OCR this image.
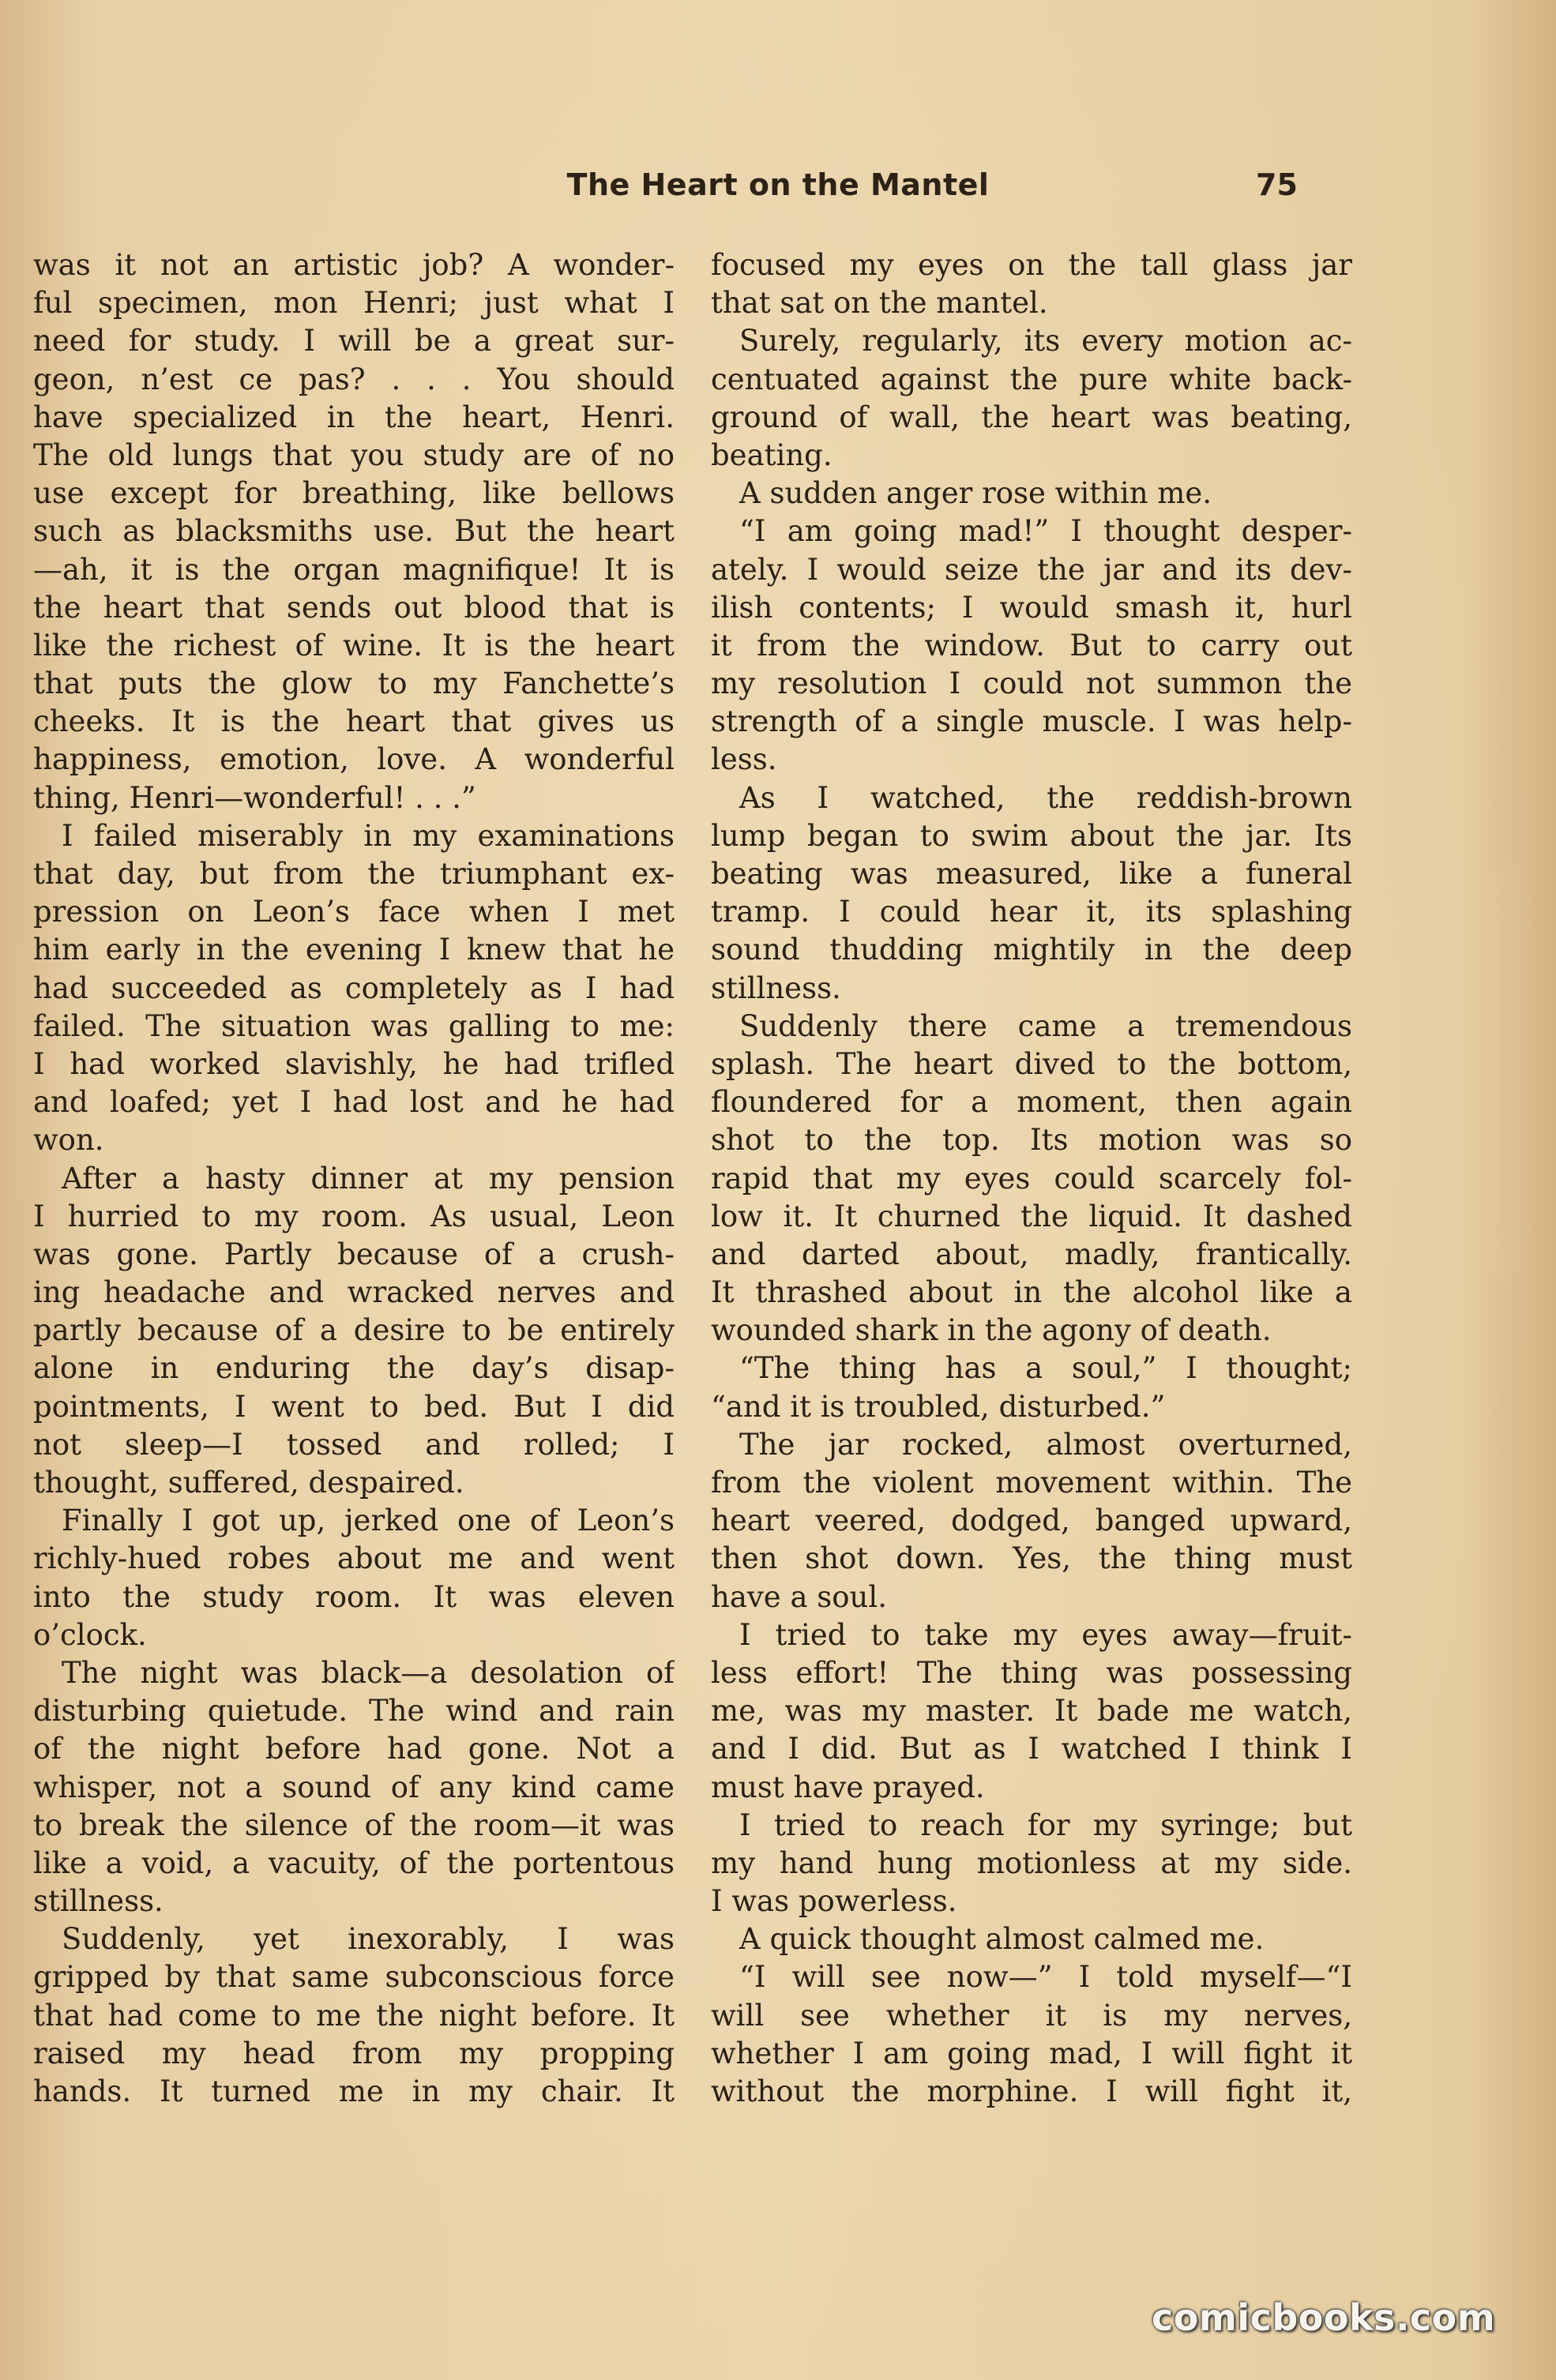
The Heart on the Mantel	75
was it not an artistic job? A wonder-
ful specimen, mon Henri; just what I
need for study. I will be a great sur-
geon, n’est ce pas? . . . You should
have specialized in the heart, Henri.
The old lungs that you study are of no
use except for breathing, like bellows
such as blacksmiths use. But the heart
—ah, it is the organ magnifique! It is
the heart that sends out blood that is
like the richest of wine. It is the heart
that puts the glow to my Fanchette’s
cheeks. It is the heart that gives us
happiness, emotion, love. A wonderful
thing, Henri—wonderful! . . .”
I failed miserably in my examinations
that day, but from the triumphant ex-
pression on Leon’s face when I met
him early in the evening I knew that he
had succeeded as completely as I had
failed. The situation was galling to me:
I had worked slavishly, he had trifled
and loafed; yet I had lost and he had
won.
After a hasty dinner at my pension
I hurried to my room. As usual, Leon
was gone. Partly because of a crush-
ing headache and wracked nerves and
partly because of a desire to be entirely
alone in enduring the day’s disap-
pointments, I went to bed. But I did
not sleep—I tossed and rolled; I
thought, suffered, despaired.
Finally I got up, jerked one of Leon’s
richly-hued robes about me and went
into the study room. It was eleven
o’clock.
The night was black—a desolation of
disturbing quietude. The wind and rain
of the night before had gone. Not a
whisper, not a sound of any kind came
to break the silence of the room—it was
like a void, a vacuity, of the portentous
stillness.
Suddenly, yet inexorably, I was
gripped by that same subconscious force
that had come to me the night before. It
raised my head from my propping
hands. It turned me in my chair. It
focused my eyes on the tall glass jar
that sat on the mantel.
Surely, regularly, its every motion ac-
centuated against the pure white back-
ground of wall, the heart was beating,
beating.
A sudden anger rose within me.
“I am going mad!” I thought desper-
ately. I would seize the jar and its dev-
ilish contents; I would smash it, hurl
it from the window. But to carry out
my resolution I could not summon the
strength of a single muscle. I was help-
less.
As I watched, the reddish-brown
lump began to swim about the jar. Its
beating was measured, like a funeral
tramp. I could hear it, its splashing
sound thudding mightily in the deep
stillness.
Suddenly there came a tremendous
splash. The heart dived to the bottom,
floundered for a moment, then again
shot to the top. Its motion was so
rapid that my eyes could scarcely fol-
low it. It churned the liquid. It dashed
and darted about, madly, frantically.
It thrashed about in the alcohol like a
wounded shark in the agony of death.
“The thing has a soul,” I thought;
“and it is troubled, disturbed.”
The jar rocked, almost overturned,
from the violent movement within. The
heart veered, dodged, banged upward,
then shot down. Yes, the thing must
have a soul.
I tried to take my eyes away—fruit-
less effort! The thing was possessing
me, was my master. It bade me watch,
and I did. But as I watched I think I
must have prayed.
I tried to reach for my syringe; but
my hand hung motionless at my side.
I was powerless.
A quick thought almost calmed me.
“I will see now—” I told myself—“I
will see whether it is my nerves,
whether I am going mad, I will fight it
without the morphine. I will fight it,
comicbooks.com
